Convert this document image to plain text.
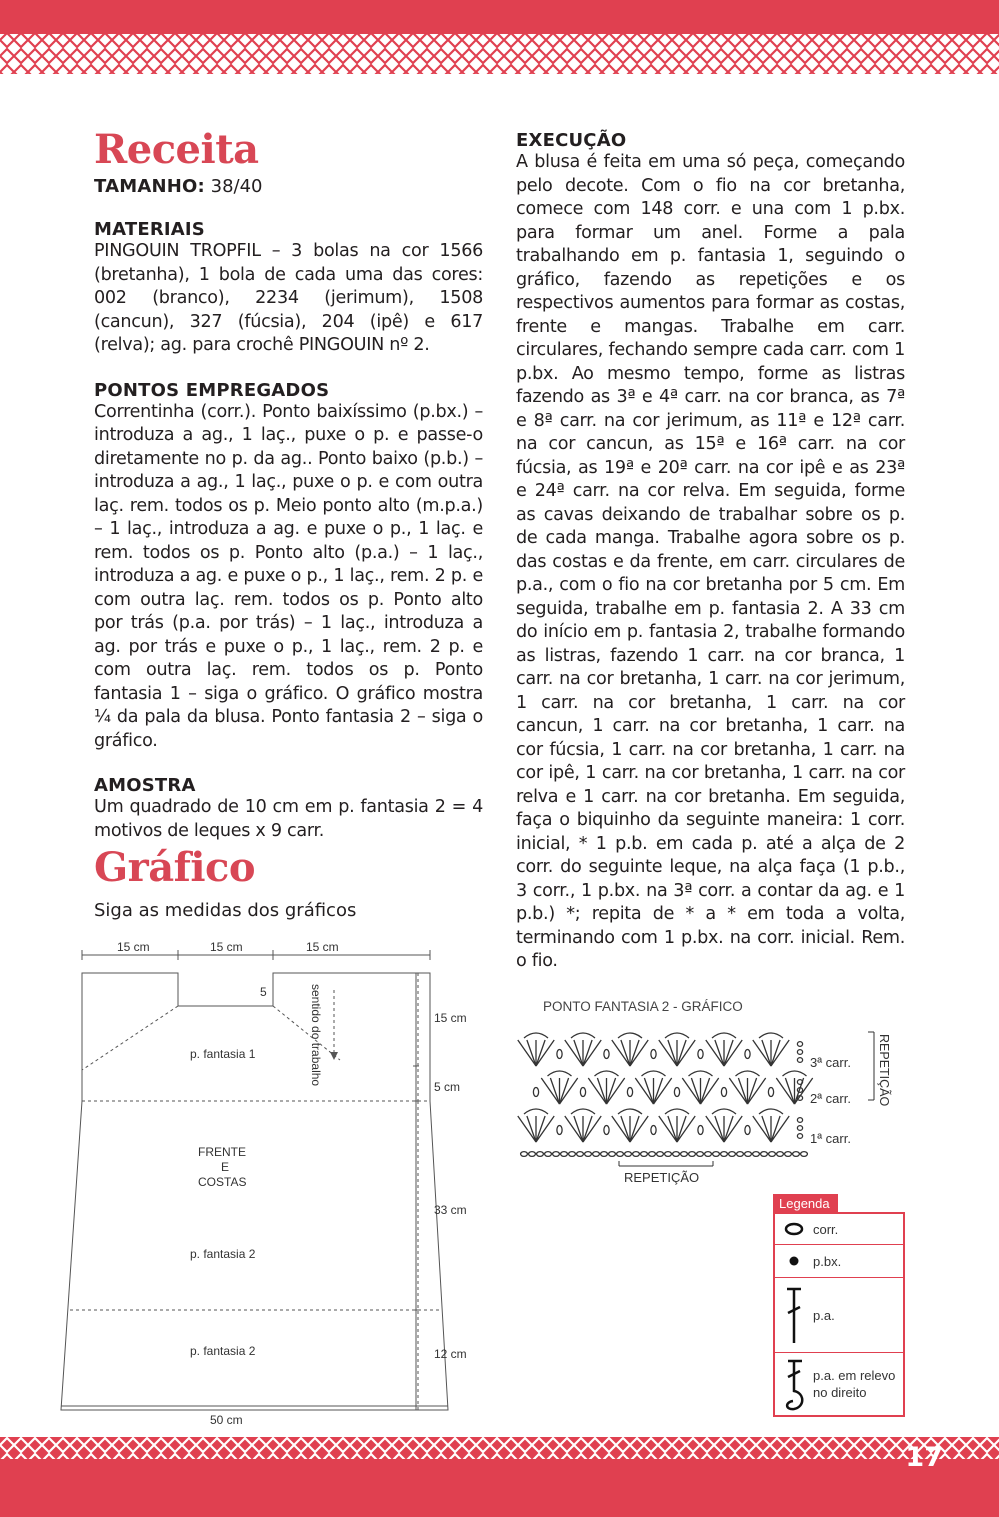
Receita
TAMANHO: 38/40
MATERIAIS

PINGOUIN TROPFIL – 3 bolas na cor 1566 (bretanha), 1 bola de cada uma das cores: 002 (branco), 2234 (jerimum), 1508 (cancun), 327 (fúcsia), 204 (ipê) e 617 (relva); ag. para crochê PINGOUIN nº 2.

PONTOS EMPREGADOS

Correntinha (corr.). Ponto baixíssimo (p.bx.) – introduza a ag., 1 laç., puxe o p. e passe-o diretamente no p. da ag.. Ponto baixo (p.b.) – introduza a ag., 1 laç., puxe o p. e com outra laç. rem. todos os p. Meio ponto alto (m.p.a.) – 1 laç., introduza a ag. e puxe o p., 1 laç. e rem. todos os p. Ponto alto (p.a.) – 1 laç., introduza a ag. e puxe o p., 1 laç., rem. 2 p. e com outra laç. rem. todos os p. Ponto alto por trás (p.a. por trás) – 1 laç., introduza a ag. por trás e puxe o p., 1 laç., rem. 2 p. e com outra laç. rem. todos os p. Ponto fantasia 1 – siga o gráfico. O gráfico mostra ¼ da pala da blusa. Ponto fantasia 2 – siga o gráfico.

AMOSTRA

Um quadrado de 10 cm em p. fantasia 2 = 4 motivos de leques x 9 carr.

Gráfico
Siga as medidas dos gráficos
EXECUÇÃO

A blusa é feita em uma só peça, começando pelo decote. Com o fio na cor bretanha, comece com 148 corr. e una com 1 p.bx. para formar um anel. Forme a pala trabalhando em p. fantasia 1, seguindo o gráfico, fazendo as repetições e os respectivos aumentos para formar as costas, frente e mangas. Trabalhe em carr. circulares, fechando sempre cada carr. com 1 p.bx. Ao mesmo tempo, forme as listras fazendo as 3ª e 4ª carr. na cor branca, as 7ª e 8ª carr. na cor jerimum, as 11ª e 12ª carr. na cor cancun, as 15ª e 16ª carr. na cor fúcsia, as 19ª e 20ª carr. na cor ipê e as 23ª e 24ª carr. na cor relva. Em seguida, forme as cavas deixando de trabalhar sobre os p. de cada manga. Trabalhe agora sobre os p. das costas e da frente, em carr. circulares de p.a., com o fio na cor bretanha por 5 cm. Em seguida, trabalhe em p. fantasia 2. A 33 cm do início em p. fantasia 2, trabalhe formando as listras, fazendo 1 carr. na cor branca, 1 carr. na cor bretanha, 1 carr. na cor jerimum, 1 carr. na cor bretanha, 1 carr. na cor cancun, 1 carr. na cor bretanha, 1 carr. na cor fúcsia, 1 carr. na cor bretanha, 1 carr. na cor ipê, 1 carr. na cor bretanha, 1 carr. na cor relva e 1 carr. na cor bretanha. Em seguida, faça o biquinho da seguinte maneira: 1 corr. inicial, * 1 p.b. em cada p. até a alça de 2 corr. do seguinte leque, na alça faça (1 p.b., 3 corr., 1 p.bx. na 3ª corr. a contar da ag. e 1 p.b.) *; repita de * a * em toda a volta, terminando com 1 p.bx. na corr. inicial. Rem. o fio.

15 cm	15 cm	15 cm
5	sentido do trabalho
p. fantasia 1
FRENTE
E
COSTAS
p. fantasia 2
p. fantasia 2
15 cm
5 cm
33 cm
12 cm
50 cm
PONTO FANTASIA 2 - GRÁFICO
3ª carr.
2ª carr.
1ª carr.
REPETIÇÃO
REPETIÇÃO
Legenda
corr.
p.bx.
p.a.
p.a. em relevo
no direito
17
